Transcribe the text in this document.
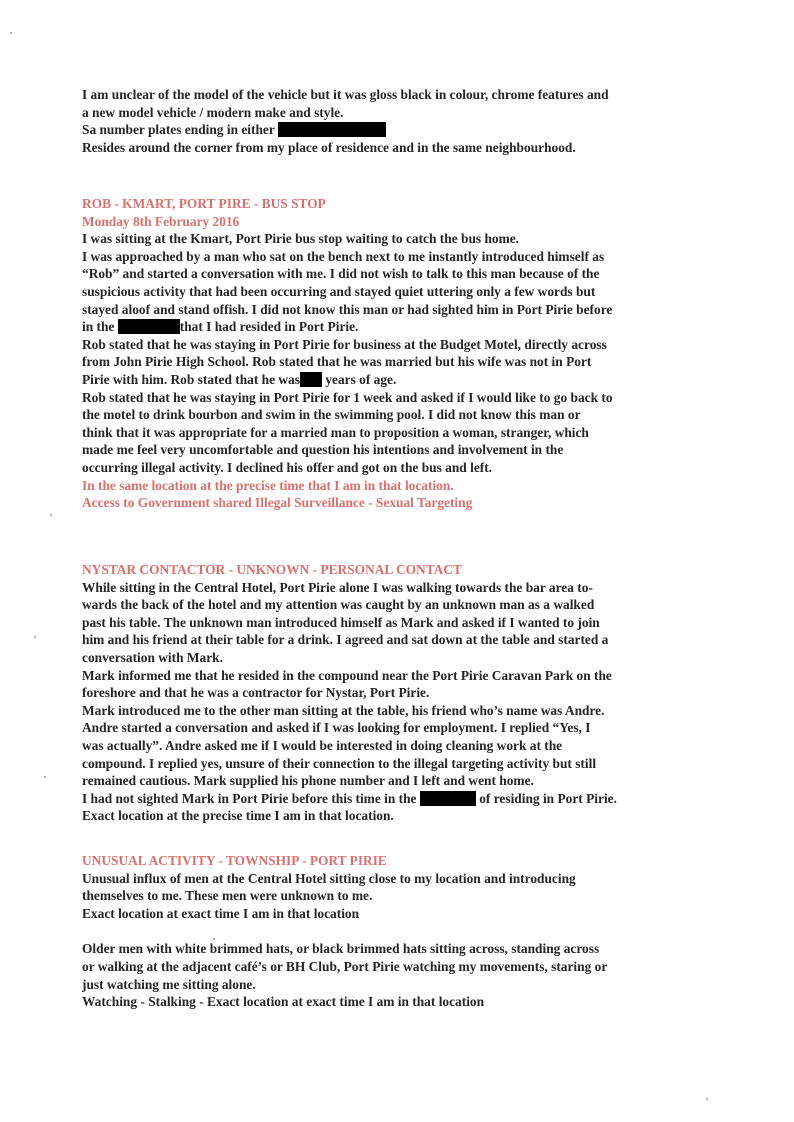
I am unclear of the model of the vehicle but it was gloss black in colour, chrome features and
a new model vehicle / modern make and style.
Sa number plates ending in either
Resides around the corner from my place of residence and in the same neighbourhood.
ROB - KMART, PORT PIRE - BUS STOP
Monday 8th February 2016
I was sitting at the Kmart, Port Pirie bus stop waiting to catch the bus home.
I was approached by a man who sat on the bench next to me instantly introduced himself as
“Rob” and started a conversation with me. I did not wish to talk to this man because of the
suspicious activity that had been occurring and stayed quiet uttering only a few words but
stayed aloof and stand offish. I did not know this man or had sighted him in Port Pirie before
in the	that I had resided in Port Pirie.
Rob stated that he was staying in Port Pirie for business at the Budget Motel, directly across
from John Pirie High School. Rob stated that he was married but his wife was not in Port
Pirie with him. Rob stated that he was years of age.
Rob stated that he was staying in Port Pirie for 1 week and asked if I would like to go back to
the motel to drink bourbon and swim in the swimming pool. I did not know this man or
think that it was appropriate for a married man to proposition a woman, stranger, which
made me feel very uncomfortable and question his intentions and involvement in the
occurring illegal activity. I declined his offer and got on the bus and left.
In the same location at the precise time that I am in that location.
Access to Government shared Illegal Surveillance - Sexual Targeting
NYSTAR CONTACTOR - UNKNOWN - PERSONAL CONTACT
While sitting in the Central Hotel, Port Pirie alone I was walking towards the bar area to-
wards the back of the hotel and my attention was caught by an unknown man as a walked
past his table. The unknown man introduced himself as Mark and asked if I wanted to join
him and his friend at their table for a drink. I agreed and sat down at the table and started a
conversation with Mark.
Mark informed me that he resided in the compound near the Port Pirie Caravan Park on the
foreshore and that he was a contractor for Nystar, Port Pirie.
Mark introduced me to the other man sitting at the table, his friend who’s name was Andre.
Andre started a conversation and asked if I was looking for employment. I replied “Yes, I
was actually”. Andre asked me if I would be interested in doing cleaning work at the
compound. I replied yes, unsure of their connection to the illegal targeting activity but still
remained cautious. Mark supplied his phone number and I left and went home.
I had not sighted Mark in Port Pirie before this time in the	of residing in Port Pirie.
Exact location at the precise time I am in that location.
UNUSUAL ACTIVITY - TOWNSHIP - PORT PIRIE
Unusual influx of men at the Central Hotel sitting close to my location and introducing
themselves to me. These men were unknown to me.
Exact location at exact time I am in that location
Older men with white brimmed hats, or black brimmed hats sitting across, standing across
or walking at the adjacent café’s or BH Club, Port Pirie watching my movements, staring or
just watching me sitting alone.
Watching - Stalking - Exact location at exact time I am in that location
